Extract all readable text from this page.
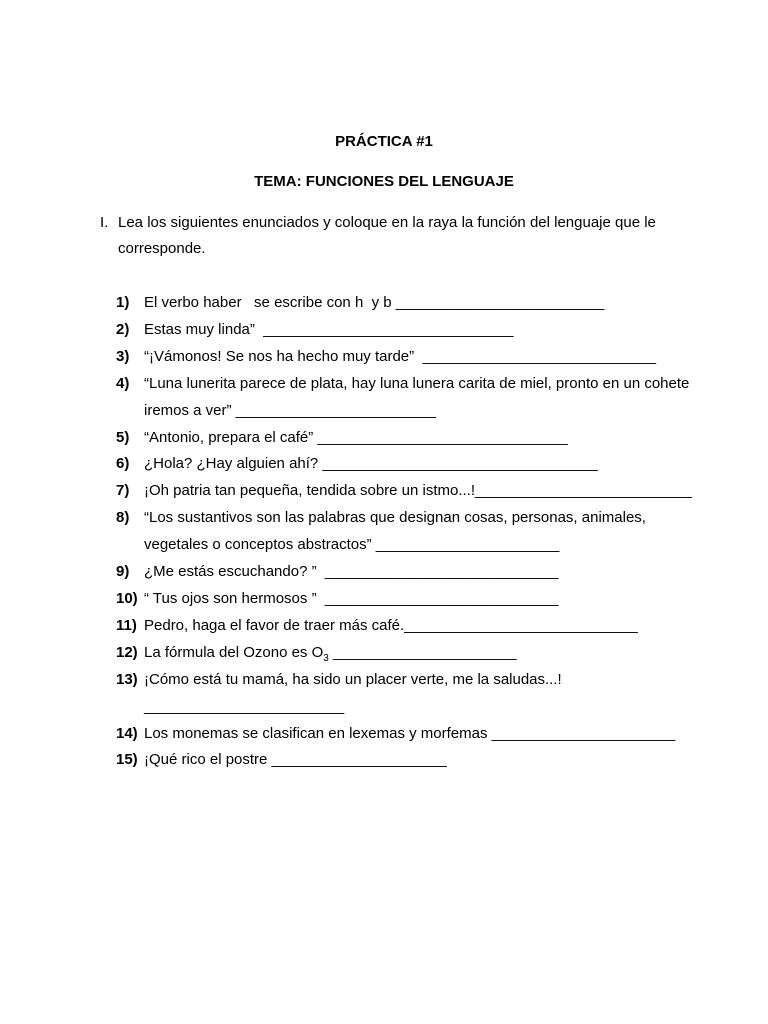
PRÁCTICA #1
TEMA: FUNCIONES DEL LENGUAJE
I. Lea los siguientes enunciados y coloque en la raya la función del lenguaje que le corresponde.
1) El verbo haber   se escribe con h  y b _________________________
2) Estas muy linda”  ______________________________
3) “¡Vámonos! Se nos ha hecho muy tarde”  ____________________________
4) “Luna lunerita parece de plata, hay luna lunera carita de miel, pronto en un cohete iremos a ver” ________________________
5) “Antonio, prepara el café” ______________________________
6) ¿Hola? ¿Hay alguien ahí? _________________________________
7) ¡Oh patria tan pequeña, tendida sobre un istmo...!__________________________
8) “Los sustantivos son las palabras que designan cosas, personas, animales, vegetales o conceptos abstractos” ______________________
9) ¿Me estás escuchando? ”  ____________________________
10) “ Tus ojos son hermosos ”  ____________________________
11) Pedro, haga el favor de traer más café.____________________________
12) La fórmula del Ozono es $O_3$ ______________________
13) ¡Cómo está tu mamá, ha sido un placer verte, me la saludas...! ________________________
14) Los monemas se clasifican en lexemas y morfemas ______________________
15) ¡Qué rico el postre _____________________
